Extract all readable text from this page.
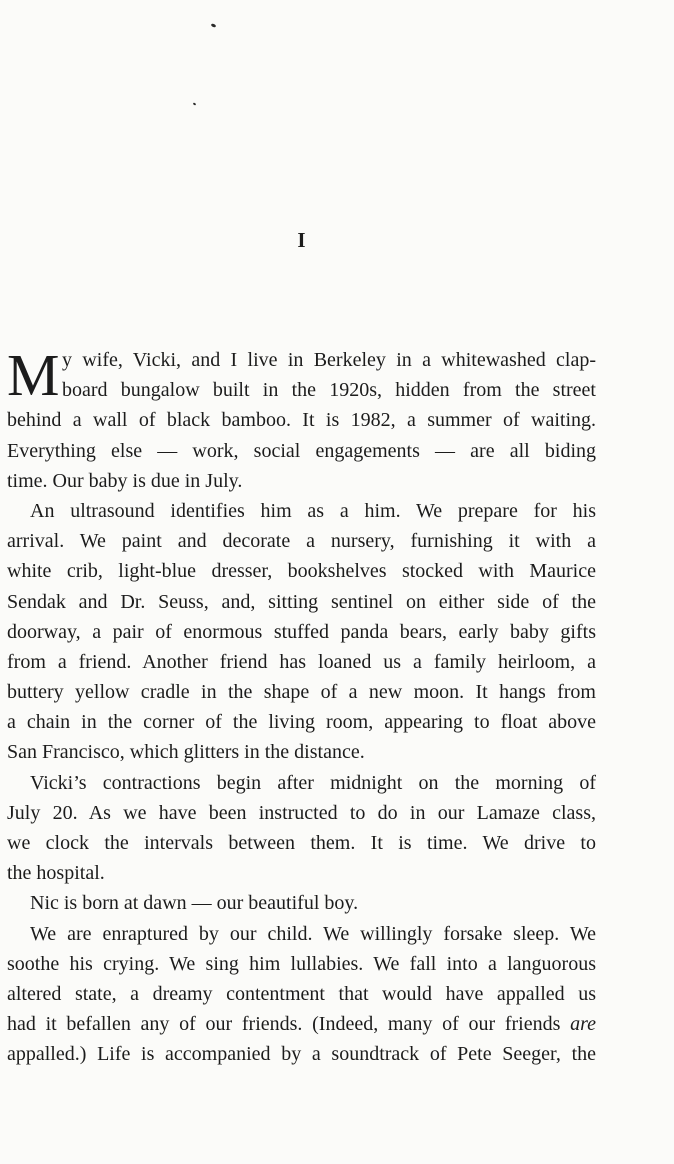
I
M y wife, Vicki, and I live in Berkeley in a whitewashed clap-
board bungalow built in the 1920s, hidden from the street
behind a wall of black bamboo. It is 1982, a summer of waiting.
Everything else — work, social engagements — are all biding
time. Our baby is due in July.
An ultrasound identifies him as a him. We prepare for his
arrival. We paint and decorate a nursery, furnishing it with a
white crib, light-blue dresser, bookshelves stocked with Maurice
Sendak and Dr. Seuss, and, sitting sentinel on either side of the
doorway, a pair of enormous stuffed panda bears, early baby gifts
from a friend. Another friend has loaned us a family heirloom, a
buttery yellow cradle in the shape of a new moon. It hangs from
a chain in the corner of the living room, appearing to float above
San Francisco, which glitters in the distance.
Vicki’s contractions begin after midnight on the morning of
July 20. As we have been instructed to do in our Lamaze class,
we clock the intervals between them. It is time. We drive to
the hospital.
Nic is born at dawn — our beautiful boy.
We are enraptured by our child. We willingly forsake sleep. We
soothe his crying. We sing him lullabies. We fall into a languorous
altered state, a dreamy contentment that would have appalled us
had it befallen any of our friends. (Indeed, many of our friends are
appalled.) Life is accompanied by a soundtrack of Pete Seeger, the
